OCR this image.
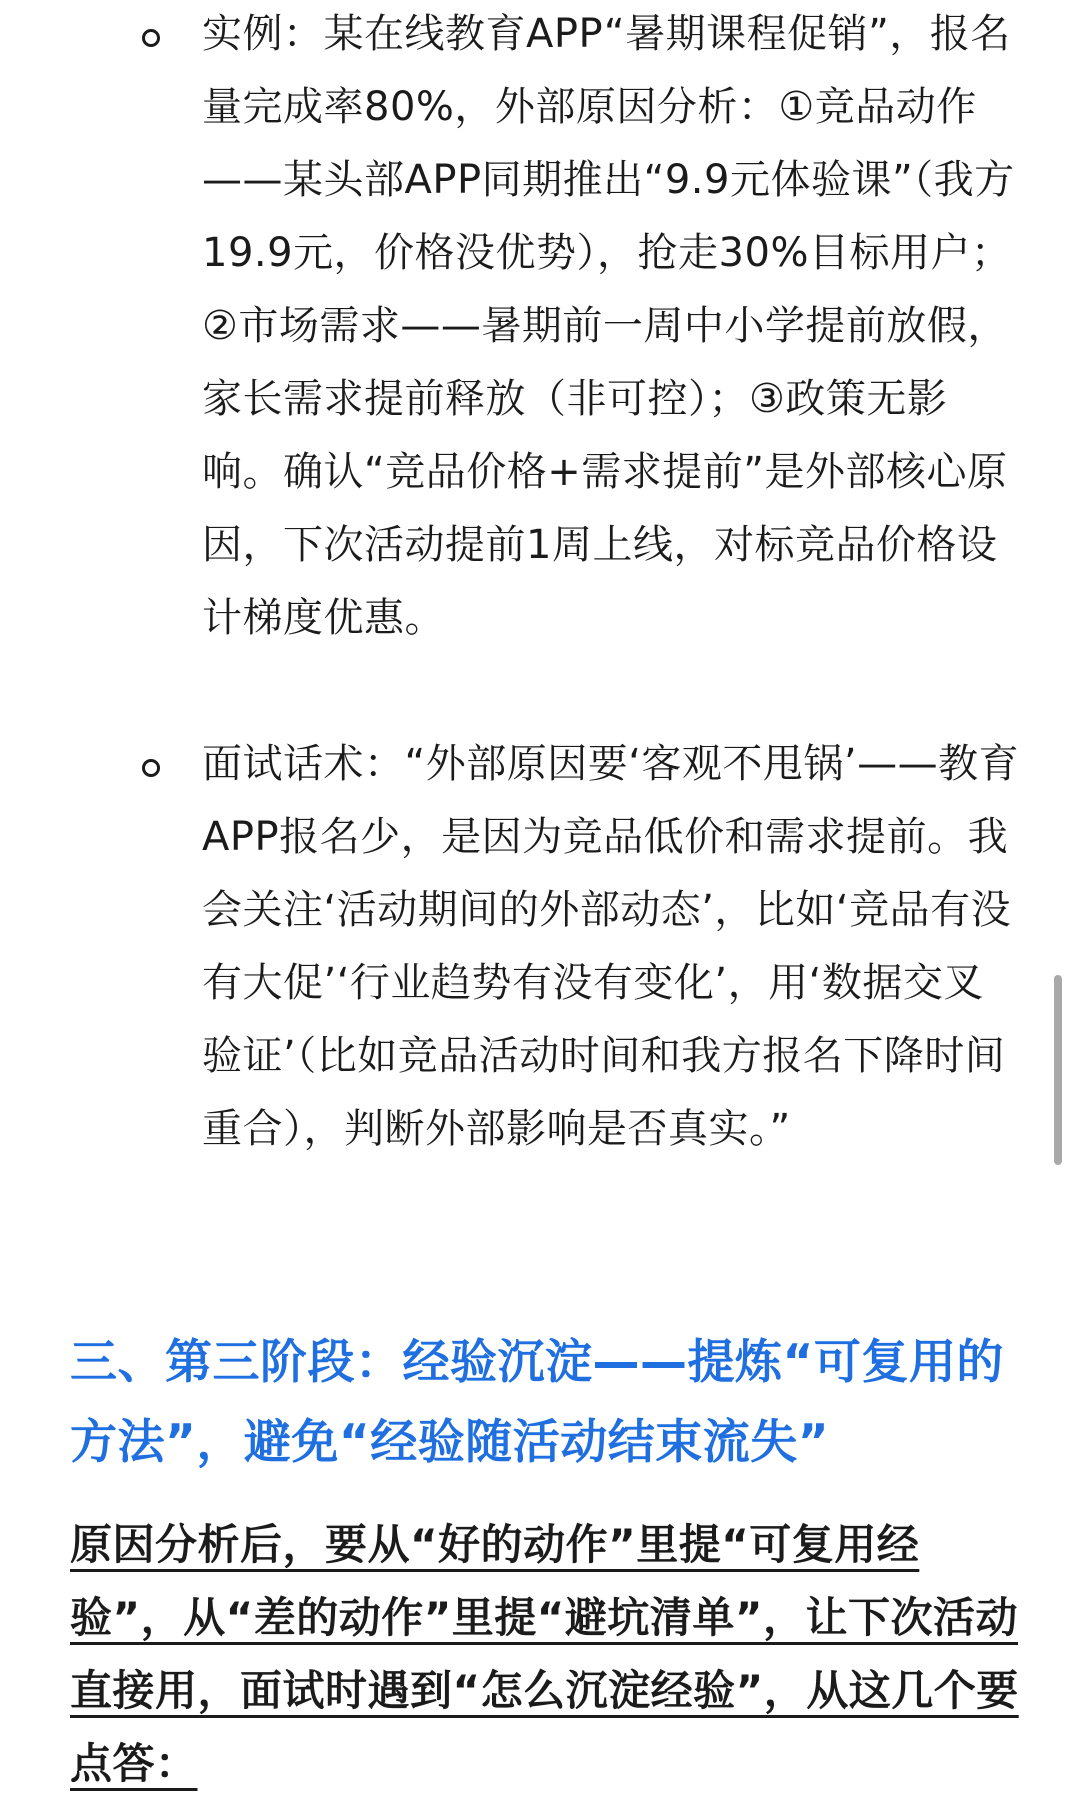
实例：某在线教育APP“暑期课程促销”，报名量完成率80%，外部原因分析：①竞品动作——某头部APP同期推出“9.9元体验课”（我方19.9元，价格没优势），抢走30%目标用户；②市场需求——暑期前一周中小学提前放假，家长需求提前释放（非可控）；③政策无影响。确认“竞品价格+需求提前”是外部核心原因，下次活动提前1周上线，对标竞品价格设计梯度优惠。
面试话术：“外部原因要‘客观不甩锅’——教育APP报名少，是因为竞品低价和需求提前。我会关注‘活动期间的外部动态’，比如‘竞品有没有大促’‘行业趋势有没有变化’，用‘数据交叉验证’（比如竞品活动时间和我方报名下降时间重合），判断外部影响是否真实。”
三、第三阶段：经验沉淀——提炼“可复用的方法”，避免“经验随活动结束流失”

原因分析后，要从“好的动作”里提“可复用经验”，从“差的动作”里提“避坑清单”，让下次活动直接用，面试时遇到“怎么沉淀经验”，从这几个要点答：
